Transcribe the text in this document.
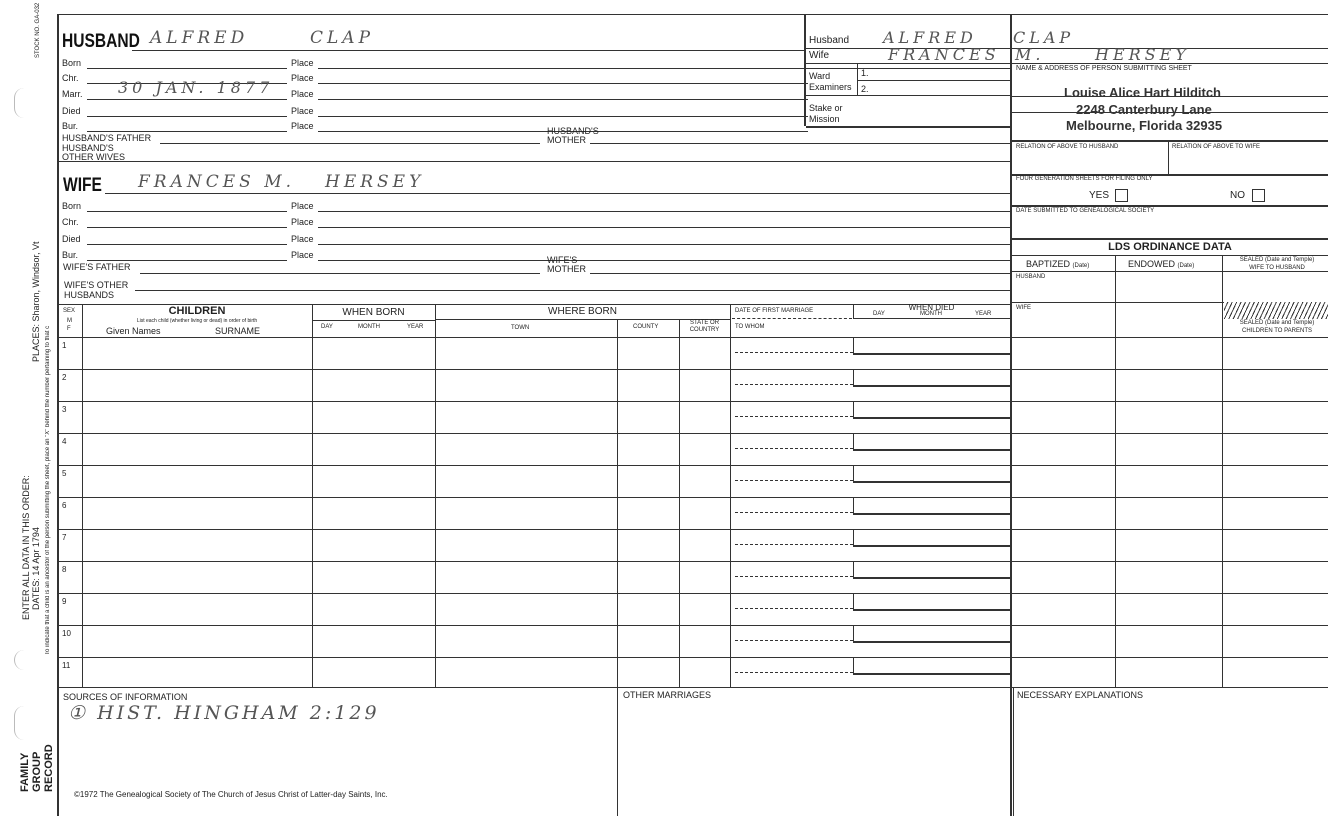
STOCK NO. GA-032
PLACES: Sharon, Windsor, Vt
ENTER ALL DATA IN THIS ORDER: DATES: 14 Apr 1794 To indicate that a child is an ancestor of the person submitting the sheet, place an "X" behind the number pertaining to that c
FAMILY GROUP RECORD
HUSBAND ALFRED	CLAP
Born	Place
Chr.	Place
Marr. 30 JAN. 1877 Place
Died	Place
Bur.	Place
HUSBAND'S FATHER
HUSBAND'S
MOTHER
HUSBAND'S
OTHER WIVES
WIFE FRANCES M. HERSEY
Born	Place
Chr.	Place
Died	Place
Bur.	Place
WIFE'S FATHER
WIFE'S
MOTHER
WIFE'S OTHER
HUSBANDS
Husband ALFRED CLAP
Wife	FRANCES M.	HERSEY
Ward
Examiners
1.
2.
Stake or
Mission
NAME & ADDRESS OF PERSON SUBMITTING SHEET
Louise Alice Hart Hilditch
2248 Canterbury Lane
Melbourne, Florida 32935
RELATION OF ABOVE TO HUSBAND	RELATION OF ABOVE TO WIFE
FOUR GENERATION SHEETS FOR FILING ONLY
YES	NO
DATE SUBMITTED TO GENEALOGICAL SOCIETY
LDS ORDINANCE DATA
BAPTIZED (Date)	ENDOWED (Date)
SEALED (Date and Temple)
WIFE TO HUSBAND
HUSBAND
WIFE
SEALED (Date and Temple)
CHILDREN TO PARENTS
SEX
M
F
CHILDREN
List each child (whether living or dead) in order of birth
Given Names	SURNAME
WHEN BORN
DAY	MONTH	YEAR
WHERE BORN
TOWN	COUNTY
STATE OR
COUNTRY
DATE OF FIRST MARRIAGE
TO WHOM
WHEN DIED
DAY	MONTH	YEAR
1
2
3
4
5
6
7
8
9
10
11
SOURCES OF INFORMATION
① HIST. HINGHAM 2:129
OTHER MARRIAGES	NECESSARY EXPLANATIONS
©1972 The Genealogical Society of The Church of Jesus Christ of Latter-day Saints, Inc.
